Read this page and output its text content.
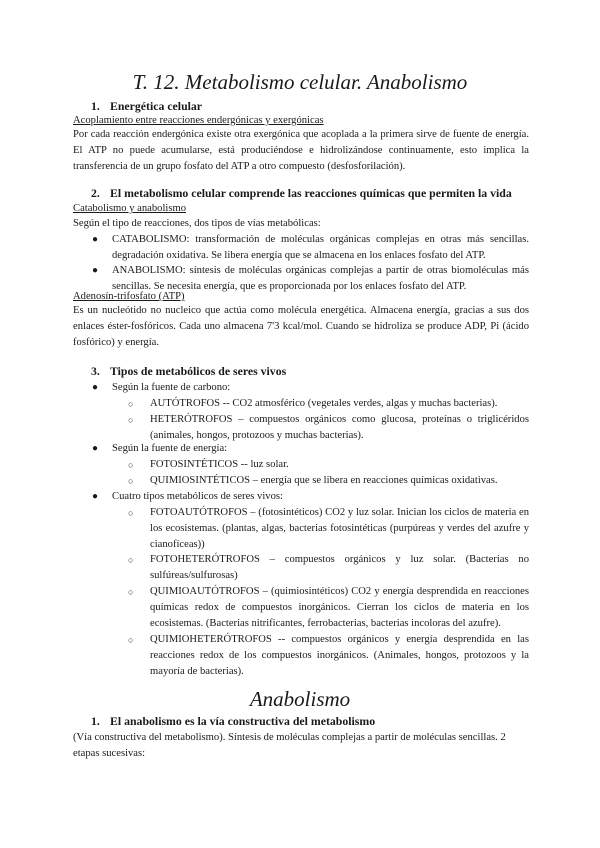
T. 12. Metabolismo celular. Anabolismo
1. Energética celular
Acoplamiento entre reacciones endergónicas y exergónicas

Por cada reacción endergónica existe otra exergónica que acoplada a la primera sirve de fuente de energía. El ATP no puede acumularse, está produciéndose e hidrolizándose continuamente, esto implica la transferencia de un grupo fosfato del ATP a otro compuesto (desfosforilación).

2. El metabolismo celular comprende las reacciones químicas que permiten la vida
Catabolismo y anabolismo
Según el tipo de reacciones, dos tipos de vías metabólicas:
● CATABOLISMO: transformación de moléculas orgánicas complejas en otras más sencillas. degradación oxidativa. Se libera energía que se almacena en los enlaces fosfato del ATP.
● ANABOLISMO: síntesis de moléculas orgánicas complejas a partir de otras biomoléculas más sencillas. Se necesita energía, que es proporcionada por los enlaces fosfato del ATP.
Adenosín-trifosfato (ATP)

Es un nucleótido no nucleico que actúa como molécula energética. Almacena energía, gracias a sus dos enlaces éster-fosfóricos. Cada uno almacena 7'3 kcal/mol. Cuando se hidroliza se produce ADP, Pi (ácido fosfórico) y energía.

3. Tipos de metabólicos de seres vivos
● Según la fuente de carbono:
○ AUTÓTROFOS -- CO2 atmosférico (vegetales verdes, algas y muchas bacterias).
○ HETERÓTROFOS – compuestos orgánicos como glucosa, proteínas o triglicéridos (animales, hongos, protozoos y muchas bacterias).
● Según la fuente de energía:
○ FOTOSINTÉTICOS -- luz solar.
○ QUIMIOSINTÉTICOS – energía que se libera en reacciones químicas oxidativas.
● Cuatro tipos metabólicos de seres vivos:
○ FOTOAUTÓTROFOS – (fotosintéticos) CO2 y luz solar. Inician los ciclos de materia en los ecosistemas. (plantas, algas, bacterias fotosintéticas (purpúreas y verdes del azufre y cianofíceas))
○ FOTOHETERÓTROFOS – compuestos orgánicos y luz solar. (Bacterias no sulfúreas/sulfurosas)
○ QUIMIOAUTÓTROFOS – (quimiosintéticos) CO2 y energía desprendida en reacciones químicas redox de compuestos inorgánicos. Cierran los ciclos de materia en los ecosistemas. (Bacterias nitrificantes, ferrobacterias, bacterias incoloras del azufre).
○ QUIMIOHETERÓTROFOS -- compuestos orgánicos y energía desprendida en las reacciones redox de los compuestos inorgánicos. (Animales, hongos, protozoos y la mayoría de bacterias).
Anabolismo
1. El anabolismo es la vía constructiva del metabolismo

(Vía constructiva del metabolismo). Síntesis de moléculas complejas a partir de moléculas sencillas. 2 etapas sucesivas:
